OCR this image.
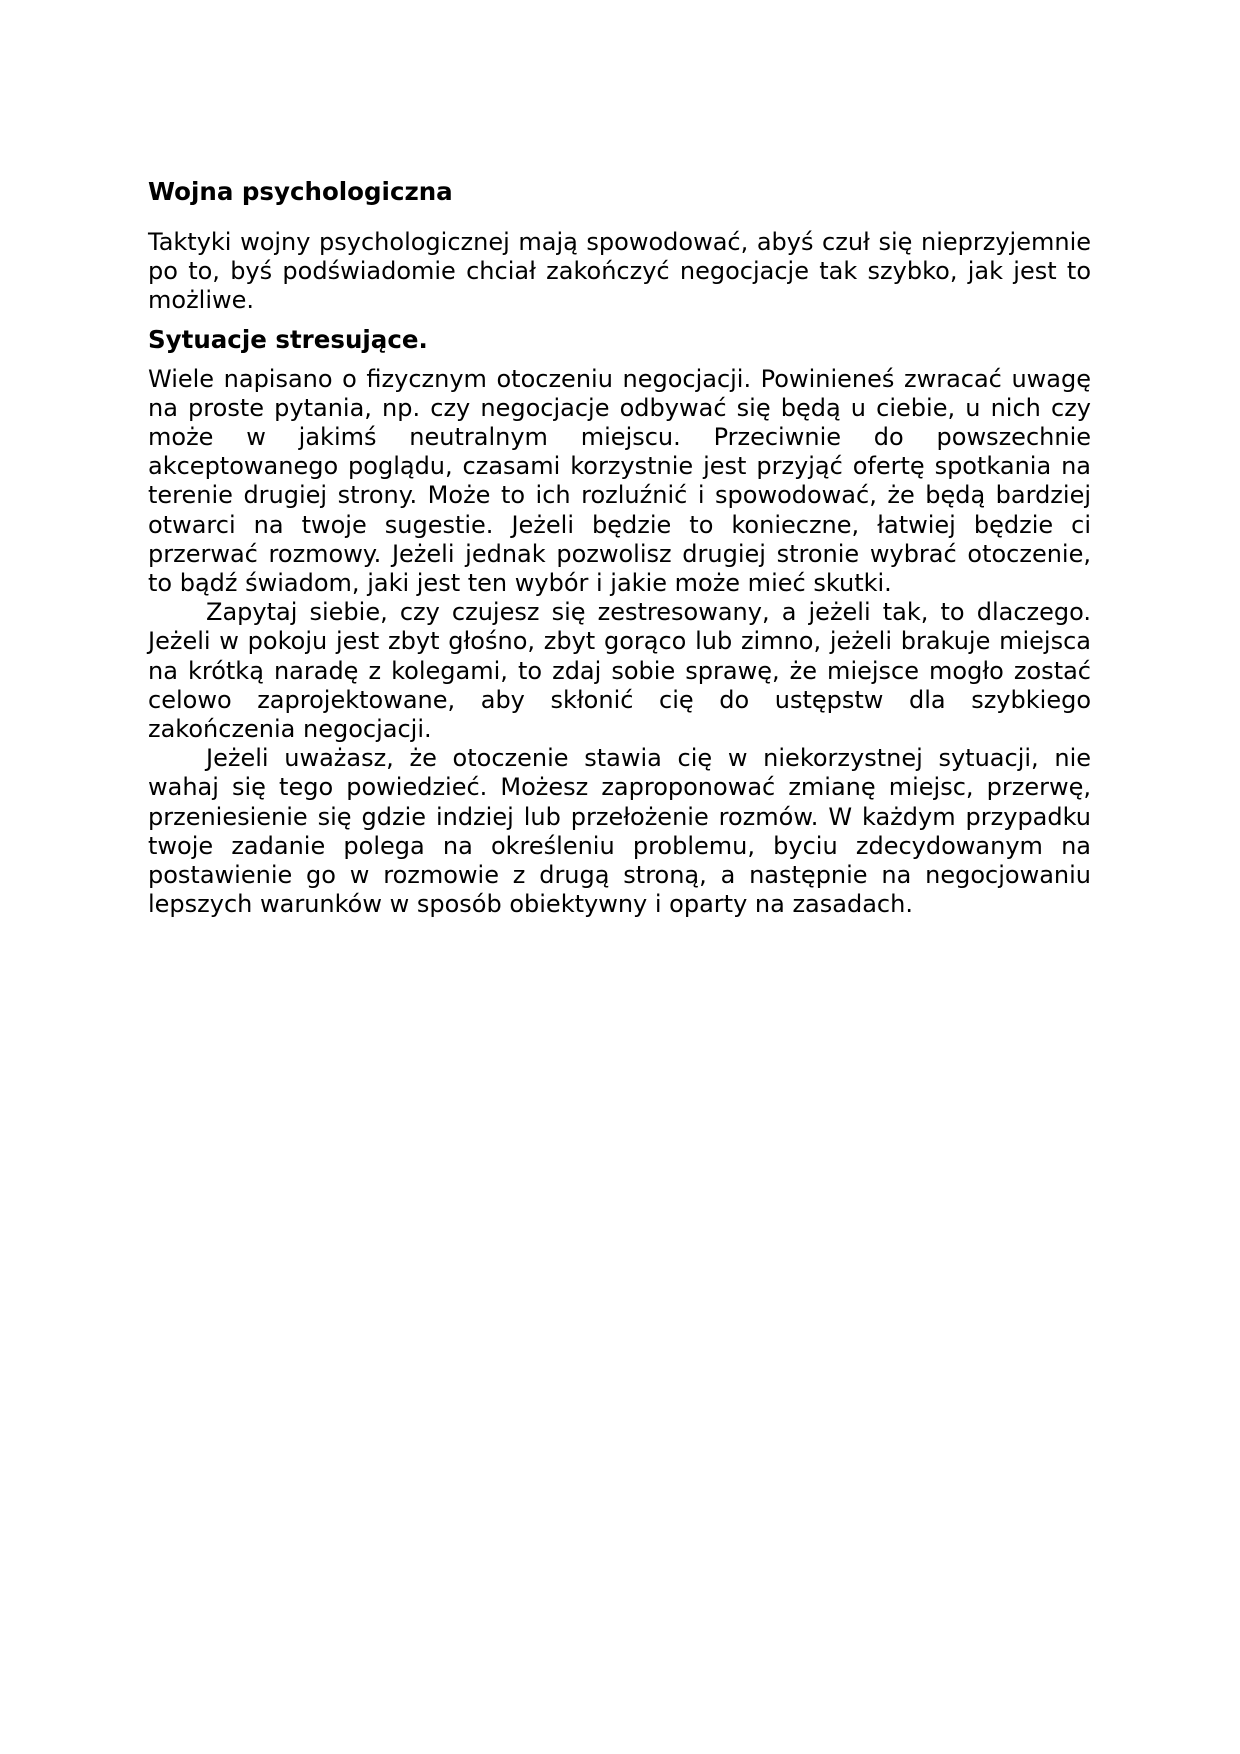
Wojna psychologiczna

Taktyki wojny psychologicznej mają spowodować, abyś czuł się nieprzyjemnie po to, byś podświadomie chciał zakończyć negocjacje tak szybko, jak jest to możliwe.

Sytuacje stresujące.

Wiele napisano o fizycznym otoczeniu negocjacji. Powinieneś zwracać uwagę na proste pytania, np. czy negocjacje odbywać się będą u ciebie, u nich czy może w jakimś neutralnym miejscu. Przeciwnie do powszechnie akceptowanego poglądu, czasami korzystnie jest przyjąć ofertę spotkania na terenie drugiej strony. Może to ich rozluźnić i spowodować, że będą bardziej otwarci na twoje sugestie. Jeżeli będzie to konieczne, łatwiej będzie ci przerwać rozmowy. Jeżeli jednak pozwolisz drugiej stronie wybrać otoczenie, to bądź świadom, jaki jest ten wybór i jakie może mieć skutki.

Zapytaj siebie, czy czujesz się zestresowany, a jeżeli tak, to dlaczego. Jeżeli w pokoju jest zbyt głośno, zbyt gorąco lub zimno, jeżeli brakuje miejsca na krótką naradę z kolegami, to zdaj sobie sprawę, że miejsce mogło zostać celowo zaprojektowane, aby skłonić cię do ustępstw dla szybkiego zakończenia negocjacji.

Jeżeli uważasz, że otoczenie stawia cię w niekorzystnej sytuacji, nie wahaj się tego powiedzieć. Możesz zaproponować zmianę miejsc, przerwę, przeniesienie się gdzie indziej lub przełożenie rozmów. W każdym przypadku twoje zadanie polega na określeniu problemu, byciu zdecydowanym na postawienie go w rozmowie z drugą stroną, a następnie na negocjowaniu lepszych warunków w sposób obiektywny i oparty na zasadach.
